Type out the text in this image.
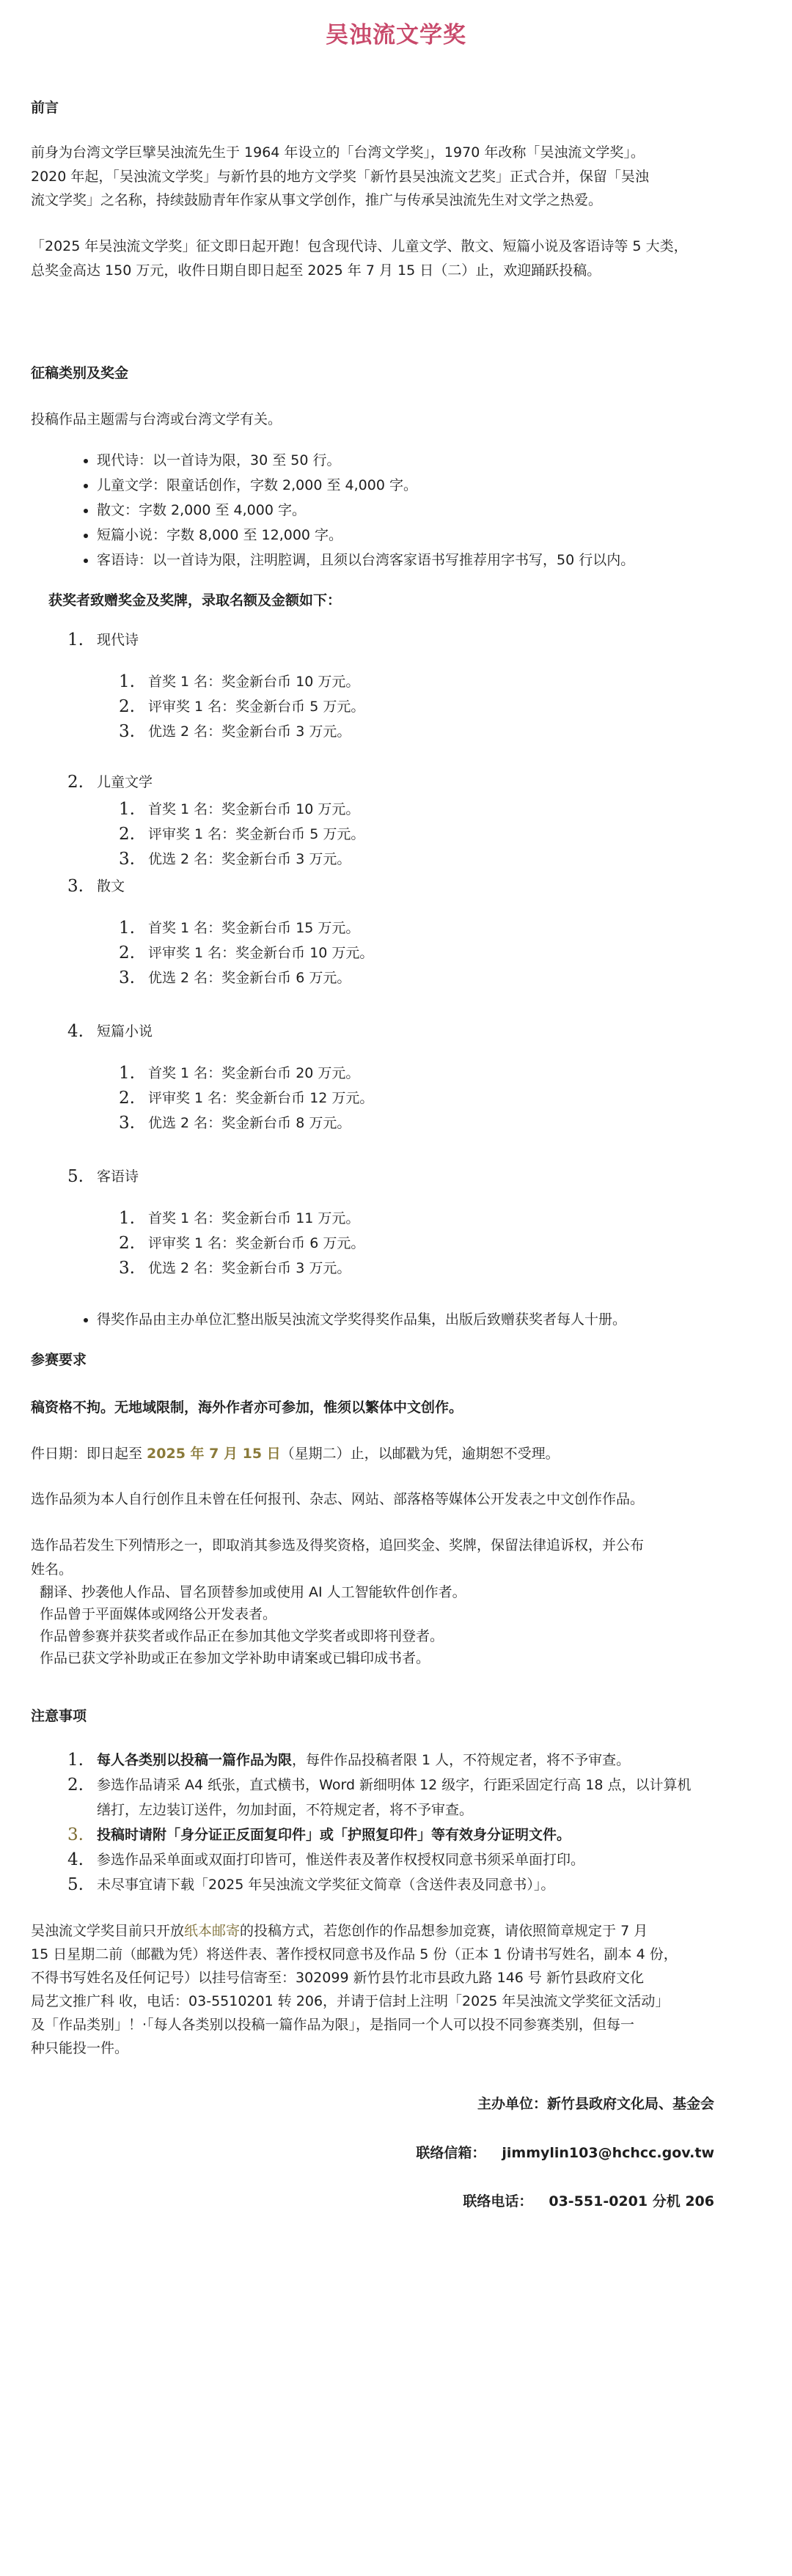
吴浊流文学奖

前言

前身为台湾文学巨擘吴浊流先生于 1964 年设立的「台湾文学奖」，1970 年改称「吴浊流文学奖」。
2020 年起，「吴浊流文学奖」与新竹县的地方文学奖「新竹县吴浊流文艺奖」正式合并，保留「吴浊
流文学奖」之名称，持续鼓励青年作家从事文学创作，推广与传承吴浊流先生对文学之热爱。

「2025 年吴浊流文学奖」征文即日起开跑！包含现代诗、儿童文学、散文、短篇小说及客语诗等 5 大类，
总奖金高达 150 万元，收件日期自即日起至 2025 年 7 月 15 日（二）止，欢迎踊跃投稿。

征稿类别及奖金

投稿作品主题需与台湾或台湾文学有关。

• 现代诗：以一首诗为限，30 至 50 行。
• 儿童文学：限童话创作，字数 2,000 至 4,000 字。
• 散文：字数 2,000 至 4,000 字。
• 短篇小说：字数 8,000 至 12,000 字。
• 客语诗：以一首诗为限，注明腔调，且须以台湾客家语书写推荐用字书写，50 行以内。

获奖者致赠奖金及奖牌，录取名额及金额如下：

1. 现代诗
1. 首奖 1 名：奖金新台币 10 万元。
2. 评审奖 1 名：奖金新台币 5 万元。
3. 优选 2 名：奖金新台币 3 万元。
2. 儿童文学
1. 首奖 1 名：奖金新台币 10 万元。
2. 评审奖 1 名：奖金新台币 5 万元。
3. 优选 2 名：奖金新台币 3 万元。
3. 散文
1. 首奖 1 名：奖金新台币 15 万元。
2. 评审奖 1 名：奖金新台币 10 万元。
3. 优选 2 名：奖金新台币 6 万元。
4. 短篇小说
1. 首奖 1 名：奖金新台币 20 万元。
2. 评审奖 1 名：奖金新台币 12 万元。
3. 优选 2 名：奖金新台币 8 万元。
5. 客语诗
1. 首奖 1 名：奖金新台币 11 万元。
2. 评审奖 1 名：奖金新台币 6 万元。
3. 优选 2 名：奖金新台币 3 万元。
• 得奖作品由主办单位汇整出版吴浊流文学奖得奖作品集，出版后致赠获奖者每人十册。

参赛要求

稿资格不拘。无地域限制，海外作者亦可参加，惟须以繁体中文创作。

件日期：即日起至 2025 年 7 月 15 日（星期二）止，以邮戳为凭，逾期恕不受理。

选作品须为本人自行创作且未曾在任何报刊、杂志、网站、部落格等媒体公开发表之中文创作作品。

选作品若发生下列情形之一，即取消其参选及得奖资格，追回奖金、奖牌，保留法律追诉权，并公布
姓名。

翻译、抄袭他人作品、冒名顶替参加或使用 AI 人工智能软件创作者。
作品曾于平面媒体或网络公开发表者。
作品曾参赛并获奖者或作品正在参加其他文学奖者或即将刊登者。
作品已获文学补助或正在参加文学补助申请案或已辑印成书者。

注意事项

1. 每人各类别以投稿一篇作品为限，每件作品投稿者限 1 人，不符规定者，将不予审查。
2. 参选作品请采 A4 纸张，直式横书，Word 新细明体 12 级字，行距采固定行高 18 点，以计算机
缮打，左边装订送件，勿加封面，不符规定者，将不予审查。
3. 投稿时请附「身分证正反面复印件」或「护照复印件」等有效身分证明文件。
4. 参选作品采单面或双面打印皆可，惟送件表及著作权授权同意书须采单面打印。
5. 未尽事宜请下载「2025 年吴浊流文学奖征文简章（含送件表及同意书）」。

吴浊流文学奖目前只开放纸本邮寄的投稿方式，若您创作的作品想参加竞赛，请依照简章规定于 7 月
15 日星期二前（邮戳为凭）将送件表、著作授权同意书及作品 5 份（正本 1 份请书写姓名，副本 4 份，
不得书写姓名及任何记号）以挂号信寄至：302099 新竹县竹北市县政九路 146 号 新竹县政府文化
局艺文推广科 收，电话：03-5510201 转 206，并请于信封上注明「2025 年吴浊流文学奖征文活动」
及「作品类别」！·「每人各类别以投稿一篇作品为限」，是指同一个人可以投不同参赛类别，但每一
种只能投一件。

主办单位：新竹县政府文化局、基金会

联络信箱： jimmylin103@hchcc.gov.tw

联络电话： 03-551-0201 分机 206
